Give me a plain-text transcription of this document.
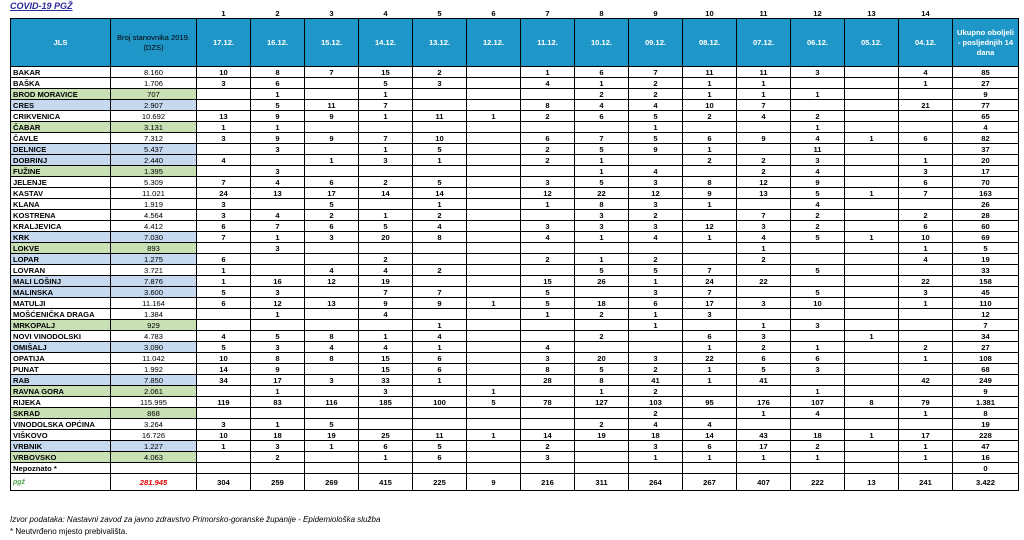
COVID-19 PGŽ
		1	2	3	4	5	6	7	8	9	10	11	12	13	14	
JLS	Broj stanovnika 2019. (DZS)	17.12.	16.12.	15.12.	14.12.	13.12.	12.12.	11.12.	10.12.	09.12.	08.12.	07.12.	06.12.	05.12.	04.12.	Ukupno oboljeli - posljednjih 14 dana
BAKAR	8.160	10	8	7	15	2		1	6	7	11	11	3		4	85
BAŠKA	1.706	3	6		5	3		4	1	2	1	1			1	27
BROD MORAVICE	707		1		1				2	2	1	1	1			9
CRES	2.907		5	11	7			8	4	4	10	7			21	77
CRIKVENICA	10.692	13	9	9	1	11	1	2	6	5	2	4	2			65
ČABAR	3.131	1	1							1			1			4
ČAVLE	7.312	3	9	9	7	10		6	7	5	6	9	4	1	6	82
DELNICE	5.437		3		1	5		2	5	9	1		11			37
DOBRINJ	2.440	4		1	3	1		2	1		2	2	3		1	20
FUŽINE	1.395		3						1	4		2	4		3	17
JELENJE	5.309	7	4	6	2	5		3	5	3	8	12	9		6	70
KASTAV	11.021	24	13	17	14	14		12	22	12	9	13	5	1	7	163
KLANA	1.919	3		5		1		1	8	3	1		4			26
KOSTRENA	4.564	3	4	2	1	2			3	2		7	2		2	28
KRALJEVICA	4.412	6	7	6	5	4		3	3	3	12	3	2		6	60
KRK	7.030	7	1	3	20	8		4	1	4	1	4	5	1	10	69
LOKVE	893		3									1			1	5
LOPAR	1.275	6			2			2	1	2		2			4	19
LOVRAN	3.721	1		4	4	2			5	5	7		5			33
MALI LOŠINJ	7.876	1	16	12	19			15	26	1	24	22			22	158
MALINSKA	3.600	5	3		7	7		5		3	7		5		3	45
MATULJI	11.164	6	12	13	9	9	1	5	18	6	17	3	10		1	110
MOŠĆENIČKA DRAGA	1.384		1		4			1	2	1	3					12
MRKOPALJ	929					1				1		1	3			7
NOVI VINODOLSKI	4.783	4	5	8	1	4			2		6	3		1		34
OMIŠALJ	3.090	5	3	4	4	1		4			1	2	1		2	27
OPATIJA	11.042	10	8	8	15	6		3	20	3	22	6	6		1	108
PUNAT	1.992	14	9		15	6		8	5	2	1	5	3			68
RAB	7.850	34	17	3	33	1		28	8	41	1	41			42	249
RAVNA GORA	2.061		1		3		1		1	2			1			9
RIJEKA	115.995	119	83	116	185	100	5	78	127	103	95	176	107	8	79	1.381
SKRAD	868									2		1	4		1	8
VINODOLSKA OPĆINA	3.264	3	1	5					2	4	4					19
VIŠKOVO	16.726	10	18	19	25	11	1	14	19	18	14	43	18	1	17	228
VRBNIK	1.227	1	3	1	6	5		2		3	6	17	2		1	47
VRBOVSKO	4.063		2		1	6		3		1	1	1	1		1	16
Nepoznato *																0
pgž	281.945	304	259	269	415	225	9	216	311	264	267	407	222	13	241	3.422
Izvor podataka: Nastavni zavod za javno zdravstvo Primorsko-goranske županije - Epidemiološka služba
* Neutvrđeno mjesto prebivališta.
